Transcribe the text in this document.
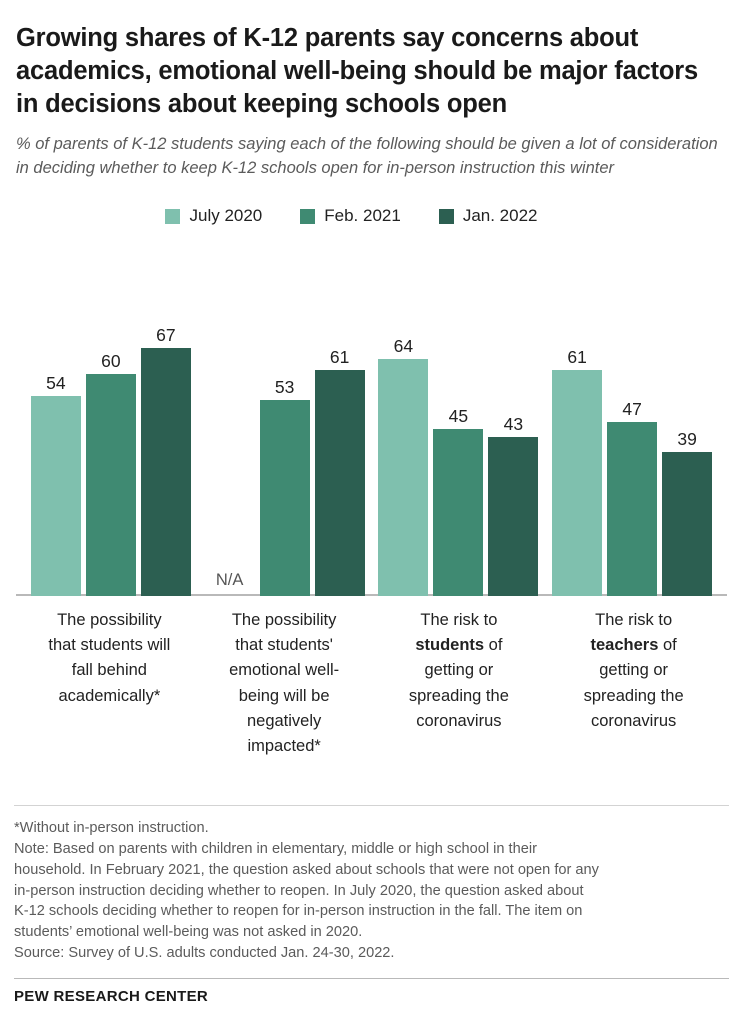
Growing shares of K-12 parents say concerns about academics, emotional well-being should be major factors in decisions about keeping schools open

% of parents of K-12 students saying each of the following should be given a lot of consideration in deciding whether to keep K-12 schools open for in-person instruction this winter

July 2020	Feb. 2021	Jan. 2022
54
60
67
N/A
53
61
64
45 43
61
47
39
The possibility
that students will
fall behind
academically*
The possibility
that students'
emotional well-
being will be
negatively
impacted*
The risk to
students of
getting or
spreading the
coronavirus
The risk to
teachers of
getting or
spreading the
coronavirus

*Without in-person instruction.
Note: Based on parents with children in elementary, middle or high school in their
household. In February 2021, the question asked about schools that were not open for any
in-person instruction deciding whether to reopen. In July 2020, the question asked about
K-12 schools deciding whether to reopen for in-person instruction in the fall. The item on
students’ emotional well-being was not asked in 2020.

Source: Survey of U.S. adults conducted Jan. 24-30, 2022.

PEW RESEARCH CENTER
